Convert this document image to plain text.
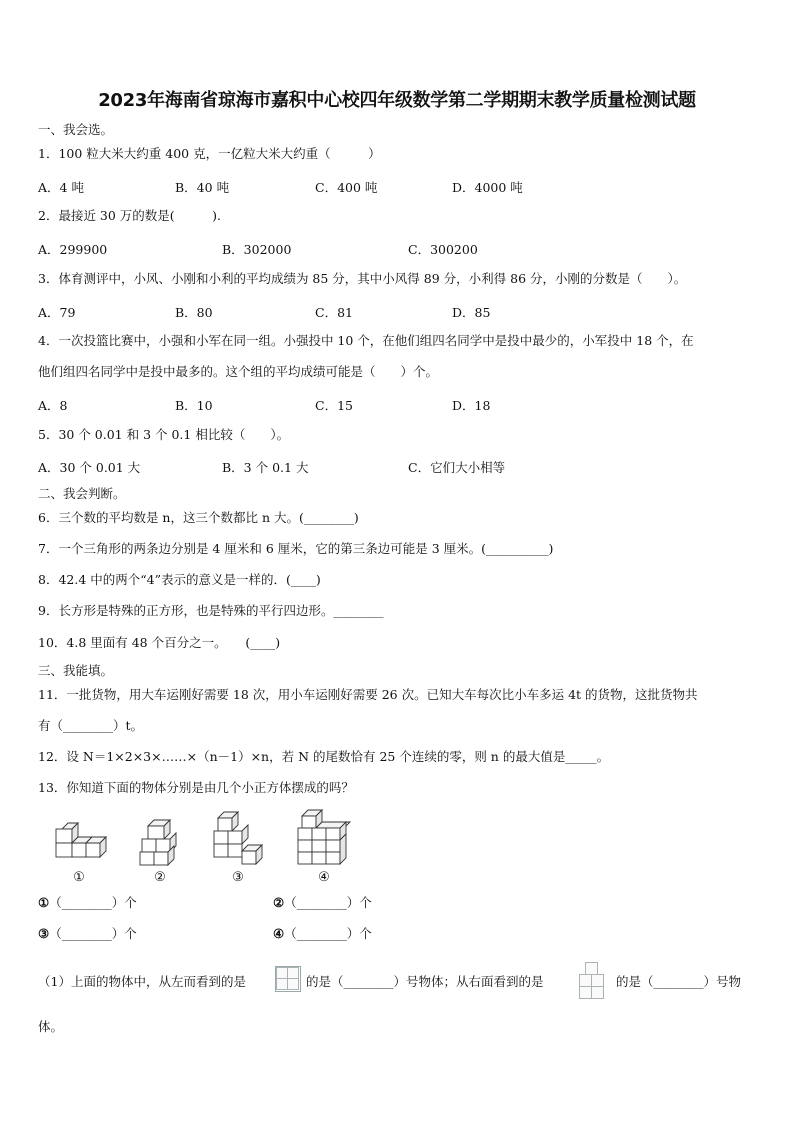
2023年海南省琼海市嘉积中心校四年级数学第二学期期末教学质量检测试题
一、我会选。
1．100 粒大米大约重 400 克，一亿粒大米大约重（　　　）
A．4 吨	B．40 吨	C．400 吨	D．4000 吨
2．最接近 30 万的数是(　　　).
A．299900	B．302000	C．300200
3．体育测评中，小风、小刚和小利的平均成绩为 85 分，其中小风得 89 分，小利得 86 分，小刚的分数是（　　）。
A．79	B．80	C．81	D．85
4．一次投篮比赛中，小强和小军在同一组。小强投中 10 个，在他们组四名同学中是投中最少的，小军投中 18 个，在
他们组四名同学中是投中最多的。这个组的平均成绩可能是（　　）个。
A．8	B．10	C．15	D．18
5．30 个 0.01 和 3 个 0.1 相比较（　　）。
A．30 个 0.01 大	B．3 个 0.1 大	C．它们大小相等
二、我会判断。
6．三个数的平均数是 n，这三个数都比 n 大。(________)
7．一个三角形的两条边分别是 4 厘米和 6 厘米，它的第三条边可能是 3 厘米。(__________)
8．42.4 中的两个“4”表示的意义是一样的．(____)
9．长方形是特殊的正方形，也是特殊的平行四边形。________
10．4.8 里面有 48 个百分之一。　　(____)
三、我能填。
11．一批货物，用大车运刚好需要 18 次，用小车运刚好需要 26 次。已知大车每次比小车多运 4t 的货物，这批货物共
有（________）t。
12．设 N＝1×2×3×……×（n－1）×n，若 N 的尾数恰有 25 个连续的零，则 n 的最大值是_____。
13．你知道下面的物体分别是由几个小正方体摆成的吗？
①	②	③	④
①（________）个	②（________）个
③（________）个	④（________）个
（1）上面的物体中，从左而看到的是	的是（________）号物体；从右面看到的是	的是（________）号物
体。
